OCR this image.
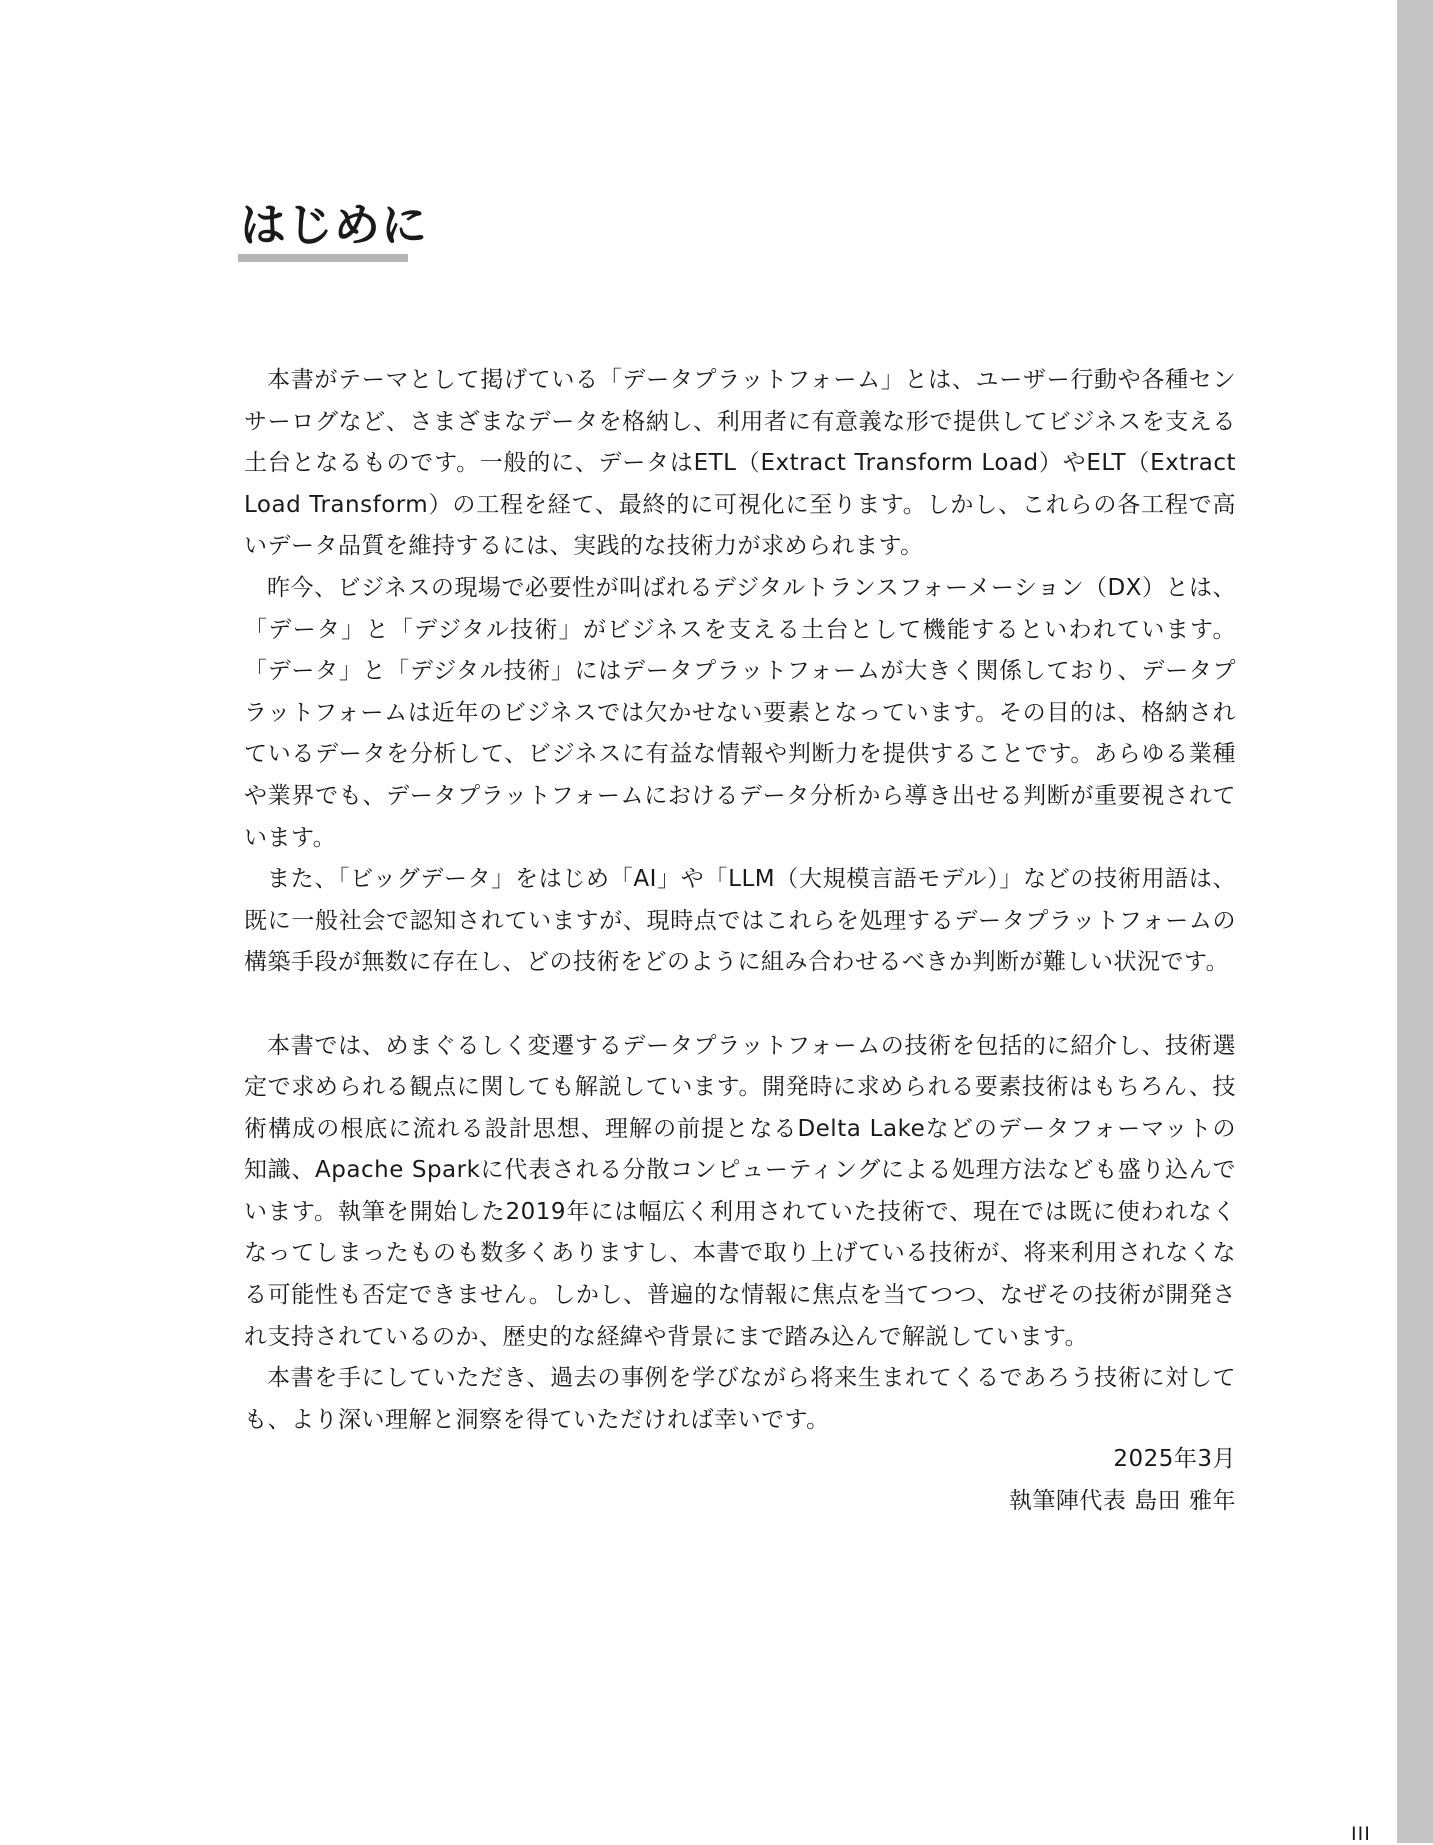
はじめに

本書がテーマとして掲げている「データプラットフォーム」とは、ユーザー行動や各種センサーログなど、さまざまなデータを格納し、利用者に有意義な形で提供してビジネスを支える土台となるものです。一般的に、データはETL（Extract Transform Load）やELT（Extract Load Transform）の工程を経て、最終的に可視化に至ります。しかし、これらの各工程で高いデータ品質を維持するには、実践的な技術力が求められます。

昨今、ビジネスの現場で必要性が叫ばれるデジタルトランスフォーメーション（DX）とは、「データ」と「デジタル技術」がビジネスを支える土台として機能するといわれています。「データ」と「デジタル技術」にはデータプラットフォームが大きく関係しており、データプラットフォームは近年のビジネスでは欠かせない要素となっています。その目的は、格納されているデータを分析して、ビジネスに有益な情報や判断力を提供することです。あらゆる業種や業界でも、データプラットフォームにおけるデータ分析から導き出せる判断が重要視されています。

また、「ビッグデータ」をはじめ「AI」や「LLM（大規模言語モデル）」などの技術用語は、既に一般社会で認知されていますが、現時点ではこれらを処理するデータプラットフォームの構築手段が無数に存在し、どの技術をどのように組み合わせるべきか判断が難しい状況です。

本書では、めまぐるしく変遷するデータプラットフォームの技術を包括的に紹介し、技術選定で求められる観点に関しても解説しています。開発時に求められる要素技術はもちろん、技術構成の根底に流れる設計思想、理解の前提となるDelta Lakeなどのデータフォーマットの知識、Apache Sparkに代表される分散コンピューティングによる処理方法なども盛り込んでいます。執筆を開始した2019年には幅広く利用されていた技術で、現在では既に使われなくなってしまったものも数多くありますし、本書で取り上げている技術が、将来利用されなくなる可能性も否定できません。しかし、普遍的な情報に焦点を当てつつ、なぜその技術が開発され支持されているのか、歴史的な経緯や背景にまで踏み込んで解説しています。

本書を手にしていただき、過去の事例を学びながら将来生まれてくるであろう技術に対しても、より深い理解と洞察を得ていただければ幸いです。

2025年3月
執筆陣代表 島田 雅年
III
